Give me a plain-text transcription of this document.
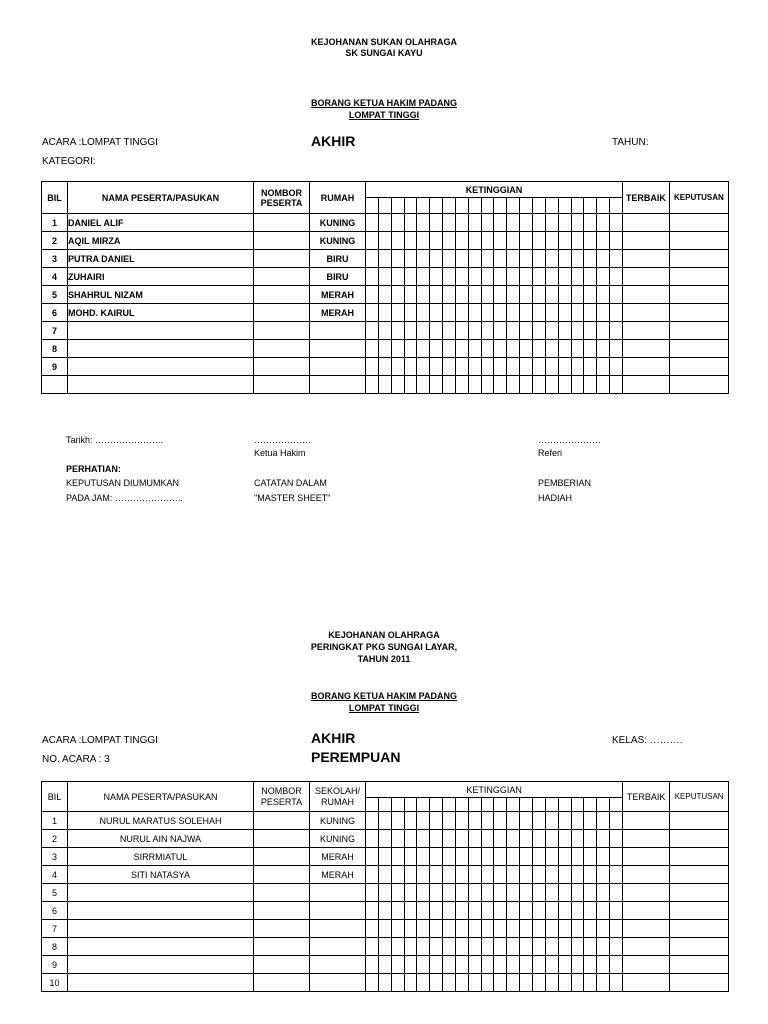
KEJOHANAN SUKAN OLAHRAGA
SK SUNGAI KAYU
BORANG KETUA HAKIM PADANG
LOMPAT TINGGI
ACARA :LOMPAT TINGGI	AKHIR	TAHUN:
KATEGORI:
BIL	NAMA PESERTA/PASUKAN	NOMBOR
PESERTA	RUMAH	KETINGGIAN																				TERBAIK	KEPUTUSAN

1	DANIEL ALIF		KUNING																						
2	AQIL MIRZA		KUNING																						
3	PUTRA DANIEL		BIRU																						
4	ZUHAIRI		BIRU																						
5	SHAHRUL NIZAM		MERAH																						
6	MOHD. KAIRUL		MERAH																						
7																									
8																									
9																									

Tarikh: …………………..	……………….
Ketua Hakim
…………………
Referi
PERHATIAN:
KEPUTUSAN DIUMUMKAN
PADA JAM: …………………..
CATATAN DALAM
"MASTER SHEET"
PEMBERIAN
HADIAH
KEJOHANAN OLAHRAGA
PERINGKAT PKG SUNGAI LAYAR,
TAHUN 2011
BORANG KETUA HAKIM PADANG
LOMPAT TINGGI
ACARA :LOMPAT TINGGI	AKHIR	KELAS: ……….
NO. ACARA : 3	PEREMPUAN
BIL	NAMA PESERTA/PASUKAN	NOMBOR
PESERTA	SEKOLAH/
RUMAH	KETINGGIAN																				TERBAIK	KEPUTUSAN

1	NURUL MARATUS SOLEHAH		KUNING																						
2	NURUL AIN NAJWA		KUNING																						
3	SIRRMIATUL		MERAH																						
4	SITI NATASYA		MERAH																						
5																									
6																									
7																									
8																									
9																									
10																									
